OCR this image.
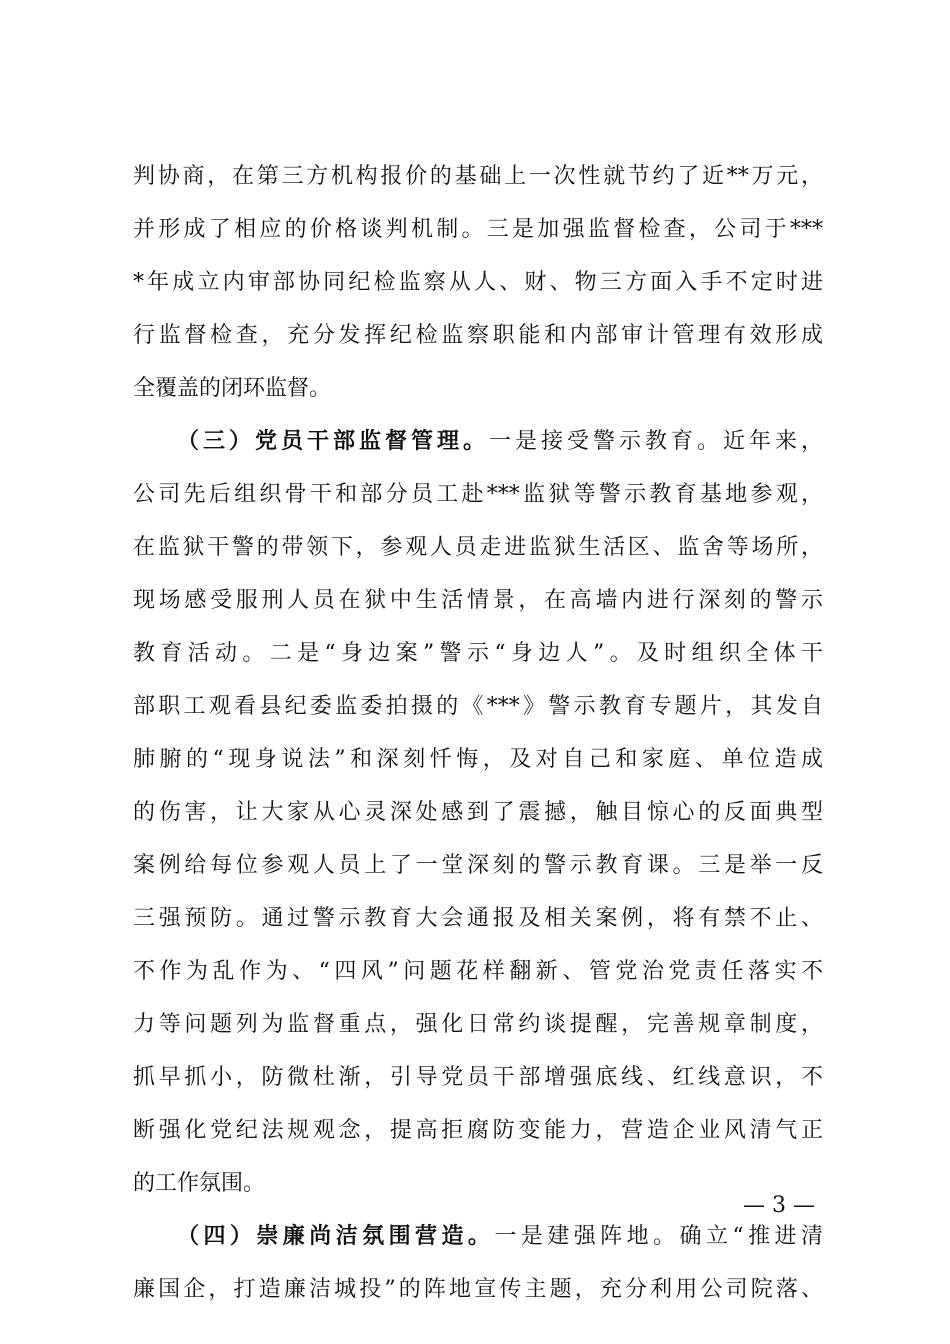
判协商，在第三方机构报价的基础上一次性就节约了近**万元，
并形成了相应的价格谈判机制。三是加强监督检查，公司于***
*年成立内审部协同纪检监察从人、财、物三方面入手不定时进
行监督检查，充分发挥纪检监察职能和内部审计管理有效形成
全覆盖的闭环监督。
（三）党员干部监督管理。一是接受警示教育。近年来，
公司先后组织骨干和部分员工赴***监狱等警示教育基地参观，
在监狱干警的带领下，参观人员走进监狱生活区、监舍等场所，
现场感受服刑人员在狱中生活情景，在高墙内进行深刻的警示
教育活动。二是“身边案”警示“身边人”。及时组织全体干
部职工观看县纪委监委拍摄的《***》警示教育专题片，其发自
肺腑的“现身说法”和深刻忏悔，及对自己和家庭、单位造成
的伤害，让大家从心灵深处感到了震撼，触目惊心的反面典型
案例给每位参观人员上了一堂深刻的警示教育课。三是举一反
三强预防。通过警示教育大会通报及相关案例，将有禁不止、
不作为乱作为、“四风”问题花样翻新、管党治党责任落实不
力等问题列为监督重点，强化日常约谈提醒，完善规章制度，
抓早抓小，防微杜渐，引导党员干部增强底线、红线意识，不
断强化党纪法规观念，提高拒腐防变能力，营造企业风清气正
的工作氛围。
（四）崇廉尚洁氛围营造。一是建强阵地。确立“推进清
廉国企，打造廉洁城投”的阵地宣传主题，充分利用公司院落、
— 3 —
